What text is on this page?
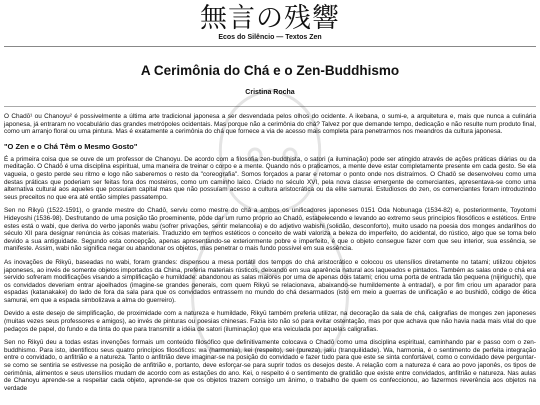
無言の残響
Ecos do Silêncio — Textos Zen
A Cerimônia do Chá e o Zen-Buddhismo
Cristina Rocha

O Chadō¹ ou Chanoyu² é possivelmente a última arte tradicional japonesa a ser desvendada pelos olhos do ocidente. A ikebana, o sumi-e, a arquitetura e, mais que nunca a culinária japonesa, já entraram no vocabulário das grandes metrópoles ocidentais. Mas porque não a cerimônia do chá? Talvez por que demande tempo, dedicação e não resulte num produto final, como um arranjo floral ou uma pintura. Mas é exatamente a cerimônia do chá que fornece a via de acesso mais completa para penetrarmos nos meandros da cultura japonesa.

"O Zen e o Chá Têm o Mesmo Gosto"

É a primeira coisa que se ouve de um professor de Chanoyu. De acordo com a filosofia zen-buddhista, o satori (a iluminação) pode ser atingido através de ações práticas diárias ou da meditação. O Chadō é uma disciplina espiritual, uma maneira de treinar o corpo e a mente. Quando nós o praticamos, a mente deve estar completamente presente em cada gesto. Se ela vagueia, o gesto perde seu ritmo e logo não saberemos o resto da "coreografia". Somos forçados a parar e retomar o ponto onde nos distraímos. O Chadō se desenvolveu como uma destas práticas que poderiam ser feitas fora dos mosteiros, como um caminho laico. Criado no século XVI, pela nova classe emergente de comerciantes, apresentava-se como uma alternativa cultural aos aqueles que possuíam capital mas que não possuíam acesso a cultura aristocrática ou da elite samurai. Estudiosos do zen, os comerciantes foram introduzindo seus preceitos no que era até então simples passatempo.

Sen no Rikyū (1522-1591), o grande mestre do Chadō, serviu como mestre do chá a ambos os unificadores japoneses 0151 Oda Nobunaga (1534-82) e, posteriormente, Toyotomi Hideyoshi (1536-98). Desfrutando de uma posição tão proeminente, pôde dar um rumo próprio ao Chadō, estabelecendo e levando ao extremo seus princípios filosóficos e estéticos. Entre estes está o wabi, que deriva do verbo japonês wabu (sofrer privações, sentir melancolia) e do adjetivo wabishi (solidão, desconforto), muito usado na poesia dos monges andarilhos do século XII para designar renúncia às coisas materiais. Traduzido em termos estéticos o conceito de wabi valoriza a beleza do imperfeito, do acidental, do rústico, algo que se toma belo devido a sua antiguidade. Segundo esta concepção, apenas apresentando-se exteriormente pobre e imperfeito, é que o objeto consegue fazer com que seu interior, sua essência, se manifeste. Assim, wabi não significa negar ou abandonar os objetos, mas penetrar o mais fundo possível em sua essência.

As inovações de Rikyū, baseadas no wabi, foram grandes: dispensou a mesa portátil dos tempos do chá aristocrático e colocou os utensílios diretamente no tatami; utilizou objetos japoneses, ao invés de somente objetos importados da China, preferia materiais rústicos, deixando em sua aparência natural aos laqueados e pintados. Também as salas onde o chá era servido sofreram modificações visando a simplificação e humildade: abandonou as salas maiores por uma de apenas dois tatami; criou uma porta de entrada tão pequena (nijiriguchi), que os convidados deveriam entrar ajoelhados (imagine-se grandes generais, com quem Rikyū se relacionava, abaixando-se humildemente à entrada!), e por fim criou um aparador para espadas (katanakake) do lado de fora da sala para que os convidados entrassem no mundo do chá desarmados (isto em meio a guerras de unificação e ao bushidō, código de ética samurai, em que a espada simbolizava a alma do guerreiro).

Devido a este desejo de simplificação, de proximidade com a natureza e humildade, Rikyū também preferia utilizar, na decoração da sala de chá, caligrafias de monges zen japoneses (muitas vezes seus professores e amigos), ao invés de pinturas ou poesias chinesas. Fazia isto não só para evitar ostentação, mas por que achava que não havia nada mais vital do que pedaços de papel, do fundo e da tinta do que para transmitir a idéia de satori (iluminação) que era veiculada por aquelas caligrafias.

Sen no Rikyū deu a todas estas invenções formais um conteúdo filosófico que definitivamente colocava o Chadō como uma disciplina espiritual, caminhando par e passo com o zen-buddhismo. Para isto, identificou seus quatro princípios filosóficos: wa (harmonia), kei (respeito), sei (pureza), jaku (tranquilidade). Wa, harmonia, é o sentimento de perfeita integração entre o convidado, o anfitrião e a natureza. Tanto o anfitrião deve imaginar-se na posição do convidado e fazer tudo para que este se sinta confortável, como o convidado deve perguntar-se como se sentiria se estivesse na posição de anfitrião e, portanto, deve esforçar-se para suprir todos os desejos deste. A relação com a natureza é cara ao povo japonês, os tipos de cerimônia, alimentos e seus utensílios mudam de acordo com as estações do ano. Kei, o respeito é o sentimento de gratidão que existe entre convidados, anfitrião e natureza. Nas aulas de Chanoyu aprende-se a respeitar cada objeto, aprende-se que os objetos trazem consigo um ânimo, o trabalho de quem os confeccionou, ao fazermos reverência aos objetos na verdade
